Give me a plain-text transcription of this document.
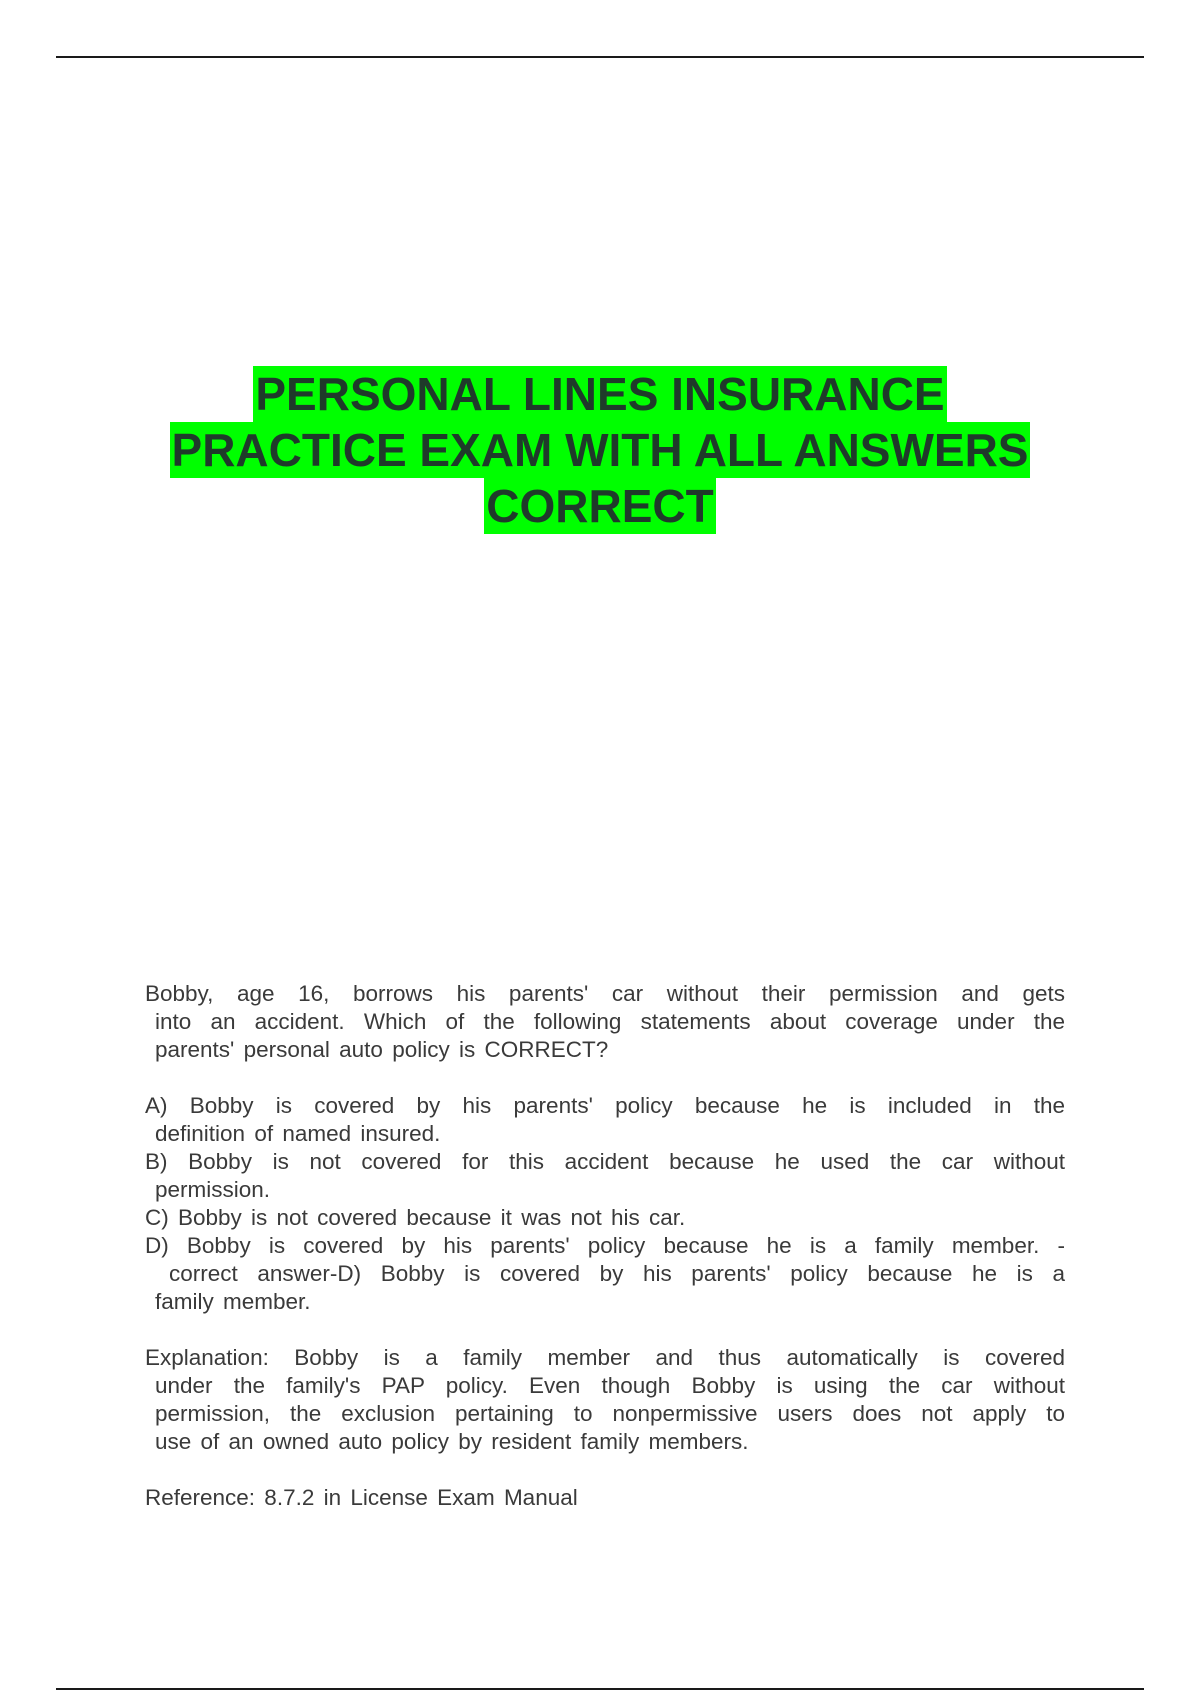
PERSONAL LINES INSURANCE
PRACTICE EXAM WITH ALL ANSWERS
CORRECT
Bobby, age 16, borrows his parents' car without their permission and gets
into an accident. Which of the following statements about coverage under the
parents' personal auto policy is CORRECT?
A) Bobby is covered by his parents' policy because he is included in the
definition of named insured.
B) Bobby is not covered for this accident because he used the car without
permission.
C) Bobby is not covered because it was not his car.
D) Bobby is covered by his parents' policy because he is a family member. -
correct answer-D) Bobby is covered by his parents' policy because he is a
family member.
Explanation: Bobby is a family member and thus automatically is covered
under the family's PAP policy. Even though Bobby is using the car without
permission, the exclusion pertaining to nonpermissive users does not apply to
use of an owned auto policy by resident family members.
Reference: 8.7.2 in License Exam Manual
